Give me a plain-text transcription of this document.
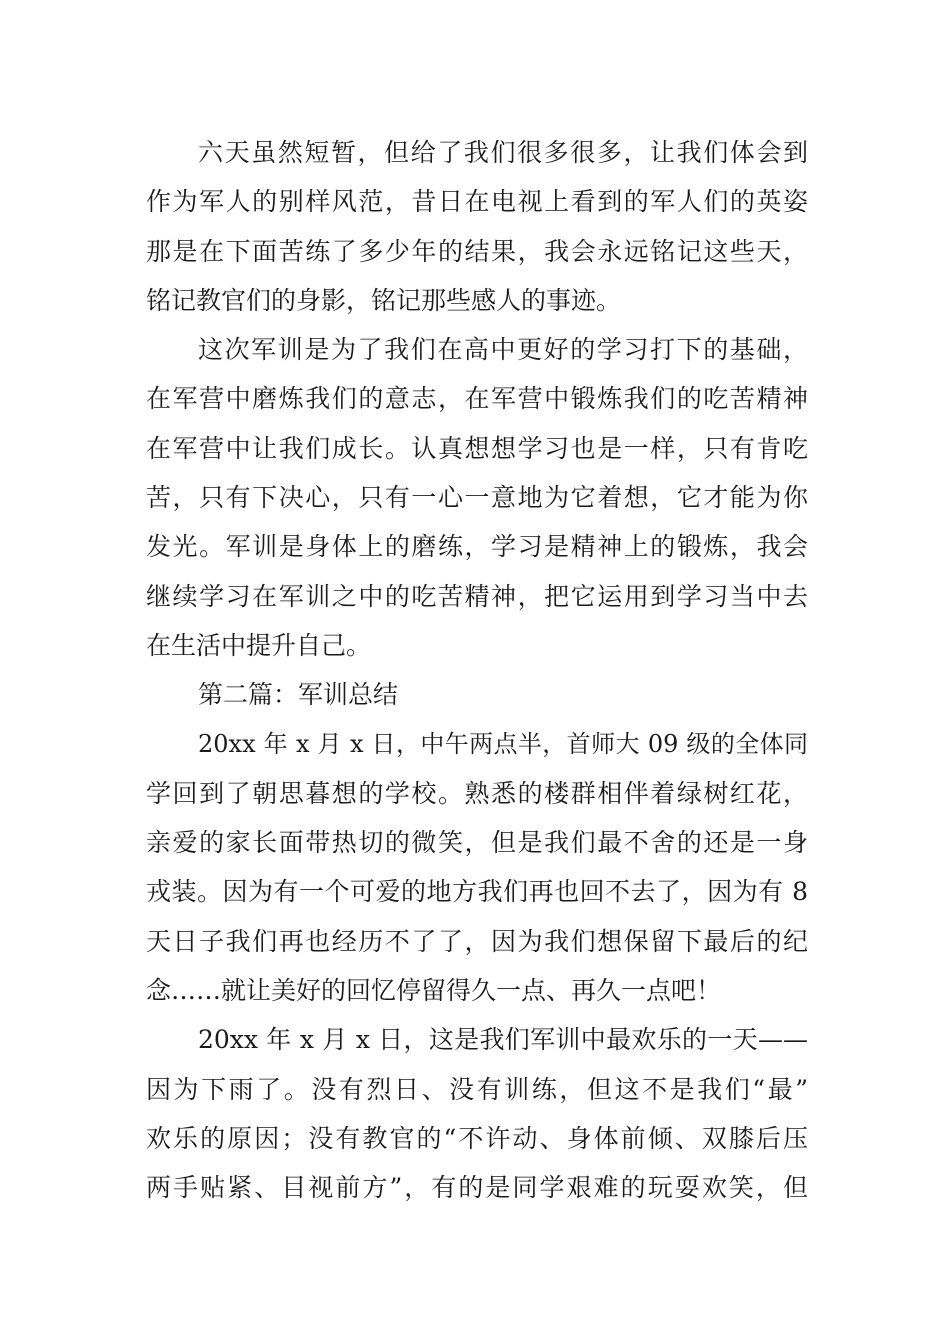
六天虽然短暂，但给了我们很多很多，让我们体会到
作为军人的别样风范，昔日在电视上看到的军人们的英姿
那是在下面苦练了多少年的结果，我会永远铭记这些天，
铭记教官们的身影，铭记那些感人的事迹。
这次军训是为了我们在高中更好的学习打下的基础，
在军营中磨炼我们的意志，在军营中锻炼我们的吃苦精神
在军营中让我们成长。认真想想学习也是一样，只有肯吃
苦，只有下决心，只有一心一意地为它着想，它才能为你
发光。军训是身体上的磨练，学习是精神上的锻炼，我会
继续学习在军训之中的吃苦精神，把它运用到学习当中去
在生活中提升自己。
第二篇：军训总结
20xx 年 x 月 x 日，中午两点半，首师大 09 级的全体同
学回到了朝思暮想的学校。熟悉的楼群相伴着绿树红花，
亲爱的家长面带热切的微笑，但是我们最不舍的还是一身
戎装。因为有一个可爱的地方我们再也回不去了，因为有 8
天日子我们再也经历不了了，因为我们想保留下最后的纪
念……就让美好的回忆停留得久一点、再久一点吧！
20xx 年 x 月 x 日，这是我们军训中最欢乐的一天——
因为下雨了。没有烈日、没有训练，但这不是我们“最”
欢乐的原因；没有教官的“不许动、身体前倾、双膝后压
两手贴紧、目视前方”，有的是同学艰难的玩耍欢笑，但
